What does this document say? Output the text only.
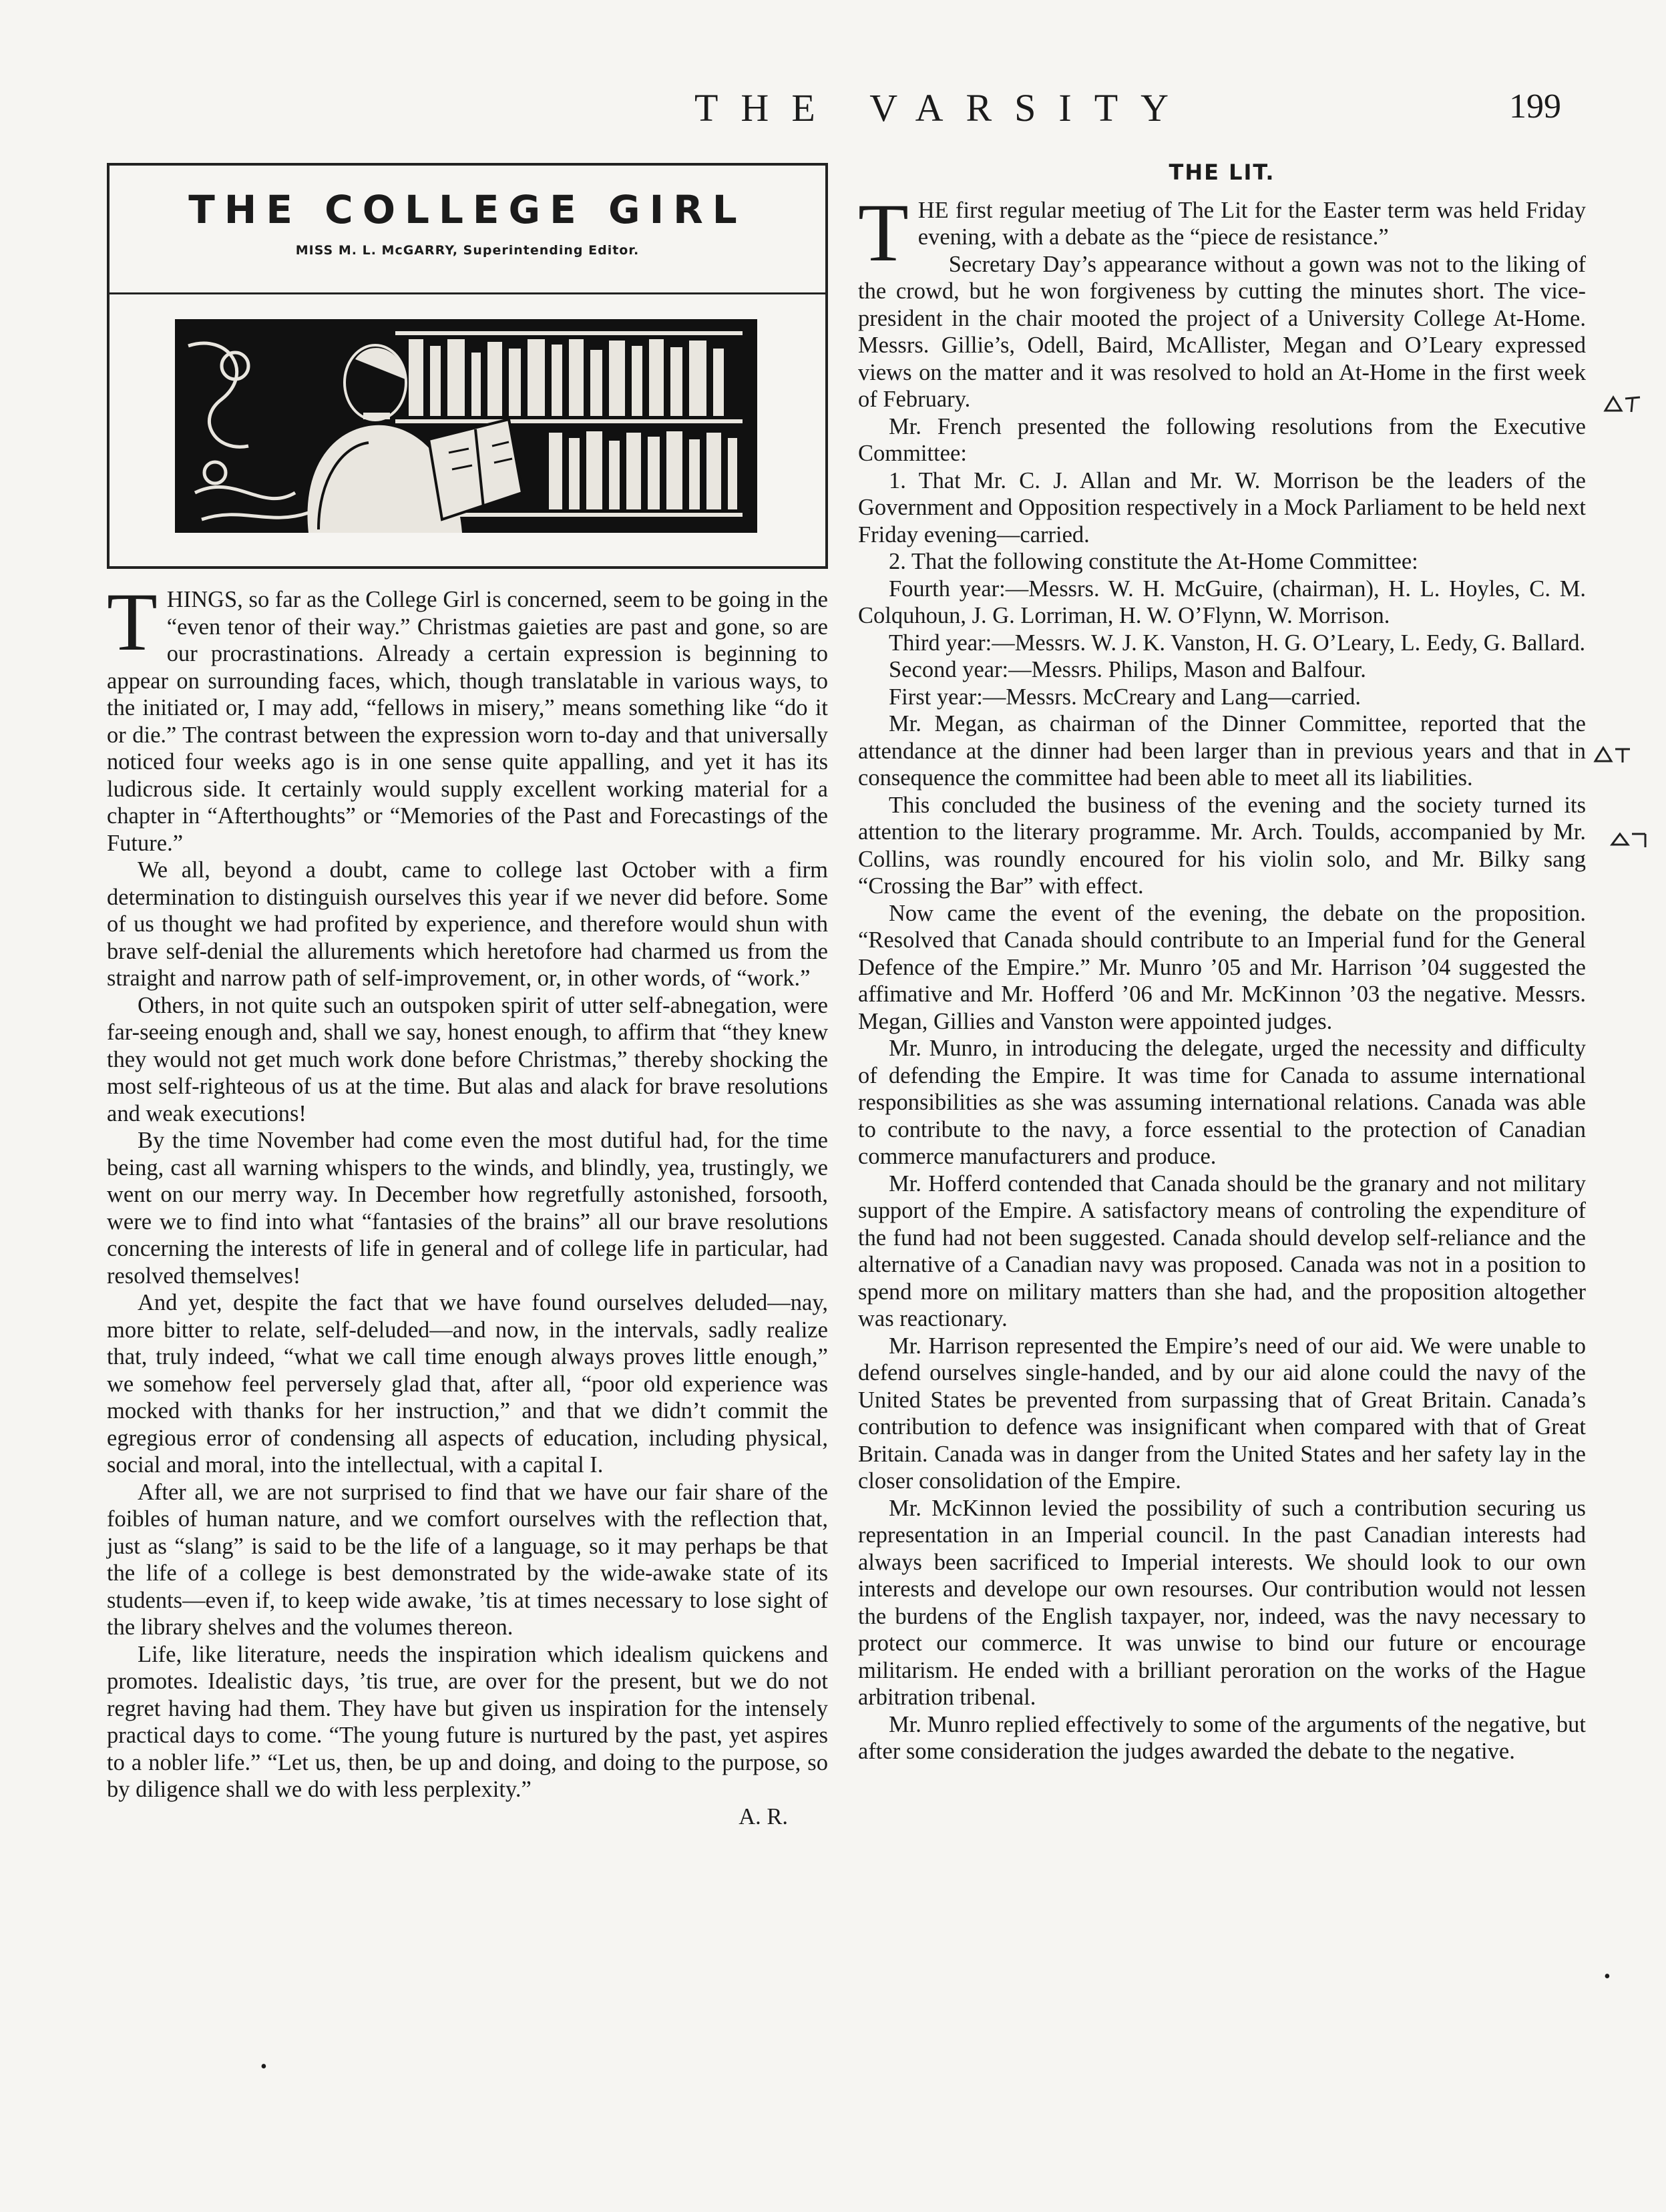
THE VARSITY	199
THE COLLEGE GIRL
MISS M. L. McGARRY, Superintending Editor.

THINGS, so far as the College Girl is concerned, seem to be going in the “even tenor of their way.” Christmas gaieties are past and gone, so are our procrastinations. Already a certain expression is beginning to appear on surrounding faces, which, though translatable in various ways, to the initiated or, I may add, “fellows in misery,” means something like “do it or die.” The contrast between the expression worn to-day and that universally noticed four weeks ago is in one sense quite appalling, and yet it has its ludicrous side. It certainly would supply excellent working material for a chapter in “Afterthoughts” or “Memories of the Past and Forecastings of the Future.”

We all, beyond a doubt, came to college last October with a firm determination to distinguish ourselves this year if we never did before. Some of us thought we had profited by experience, and therefore would shun with brave self-denial the allurements which heretofore had charmed us from the straight and narrow path of self-improvement, or, in other words, of “work.”

Others, in not quite such an outspoken spirit of utter self-abnegation, were far-seeing enough and, shall we say, honest enough, to affirm that “they knew they would not get much work done before Christmas,” thereby shocking the most self-righteous of us at the time. But alas and alack for brave resolutions and weak executions!

By the time November had come even the most dutiful had, for the time being, cast all warning whispers to the winds, and blindly, yea, trustingly, we went on our merry way. In December how regretfully astonished, forsooth, were we to find into what “fantasies of the brains” all our brave resolutions concerning the interests of life in general and of college life in particular, had resolved themselves!

And yet, despite the fact that we have found ourselves deluded—nay, more bitter to relate, self-deluded—and now, in the intervals, sadly realize that, truly indeed, “what we call time enough always proves little enough,” we somehow feel perversely glad that, after all, “poor old experience was mocked with thanks for her instruction,” and that we didn’t commit the egregious error of condensing all aspects of education, including physical, social and moral, into the intellectual, with a capital I.

After all, we are not surprised to find that we have our fair share of the foibles of human nature, and we comfort ourselves with the reflection that, just as “slang” is said to be the life of a language, so it may perhaps be that the life of a college is best demonstrated by the wide-awake state of its students—even if, to keep wide awake, ’tis at times necessary to lose sight of the library shelves and the volumes thereon.

Life, like literature, needs the inspiration which idealism quickens and promotes. Idealistic days, ’tis true, are over for the present, but we do not regret having had them. They have but given us inspiration for the intensely practical days to come. “The young future is nurtured by the past, yet aspires to a nobler life.” “Let us, then, be up and doing, and doing to the purpose, so by diligence shall we do with less perplexity.”

A. R.

THE LIT.

THE first regular meetiug of The Lit for the Easter term was held Friday evening, with a debate as the “piece de resistance.”

Secretary Day’s appearance without a gown was not to the liking of the crowd, but he won forgiveness by cutting the minutes short. The vice-president in the chair mooted the project of a University College At-Home. Messrs. Gillie’s, Odell, Baird, McAllister, Megan and O’Leary expressed views on the matter and it was resolved to hold an At-Home in the first week of February.

Mr. French presented the following resolutions from the Executive Committee:

1. That Mr. C. J. Allan and Mr. W. Morrison be the leaders of the Government and Opposition respectively in a Mock Parliament to be held next Friday evening—carried.

2. That the following constitute the At-Home Committee:

Fourth year:—Messrs. W. H. McGuire, (chairman), H. L. Hoyles, C. M. Colquhoun, J. G. Lorriman, H. W. O’Flynn, W. Morrison.

Third year:—Messrs. W. J. K. Vanston, H. G. O’Leary, L. Eedy, G. Ballard.

Second year:—Messrs. Philips, Mason and Balfour.

First year:—Messrs. McCreary and Lang—carried.

Mr. Megan, as chairman of the Dinner Committee, reported that the attendance at the dinner had been larger than in previous years and that in consequence the committee had been able to meet all its liabilities.

This concluded the business of the evening and the society turned its attention to the literary programme. Mr. Arch. Toulds, accompanied by Mr. Collins, was roundly encoured for his violin solo, and Mr. Bilky sang “Crossing the Bar” with effect.

Now came the event of the evening, the debate on the proposition. “Resolved that Canada should contribute to an Imperial fund for the General Defence of the Empire.” Mr. Munro ’05 and Mr. Harrison ’04 suggested the affimative and Mr. Hofferd ’06 and Mr. McKinnon ’03 the negative. Messrs. Megan, Gillies and Vanston were appointed judges.

Mr. Munro, in introducing the delegate, urged the necessity and difficulty of defending the Empire. It was time for Canada to assume international responsibilities as she was assuming international relations. Canada was able to contribute to the navy, a force essential to the protection of Canadian commerce manufacturers and produce.

Mr. Hofferd contended that Canada should be the granary and not military support of the Empire. A satisfactory means of controling the expenditure of the fund had not been suggested. Canada should develop self-reliance and the alternative of a Canadian navy was proposed. Canada was not in a position to spend more on military matters than she had, and the proposition altogether was reactionary.

Mr. Harrison represented the Empire’s need of our aid. We were unable to defend ourselves single-handed, and by our aid alone could the navy of the United States be prevented from surpassing that of Great Britain. Canada’s contribution to defence was insignificant when compared with that of Great Britain. Canada was in danger from the United States and her safety lay in the closer consolidation of the Empire.

Mr. McKinnon levied the possibility of such a contribution securing us representation in an Imperial council. In the past Canadian interests had always been sacrificed to Imperial interests. We should look to our own interests and develope our own resourses. Our contribution would not lessen the burdens of the English taxpayer, nor, indeed, was the navy necessary to protect our commerce. It was unwise to bind our future or encourage militarism. He ended with a brilliant peroration on the works of the Hague arbitration tribenal.

Mr. Munro replied effectively to some of the arguments of the negative, but after some consideration the judges awarded the debate to the negative.

•
•
